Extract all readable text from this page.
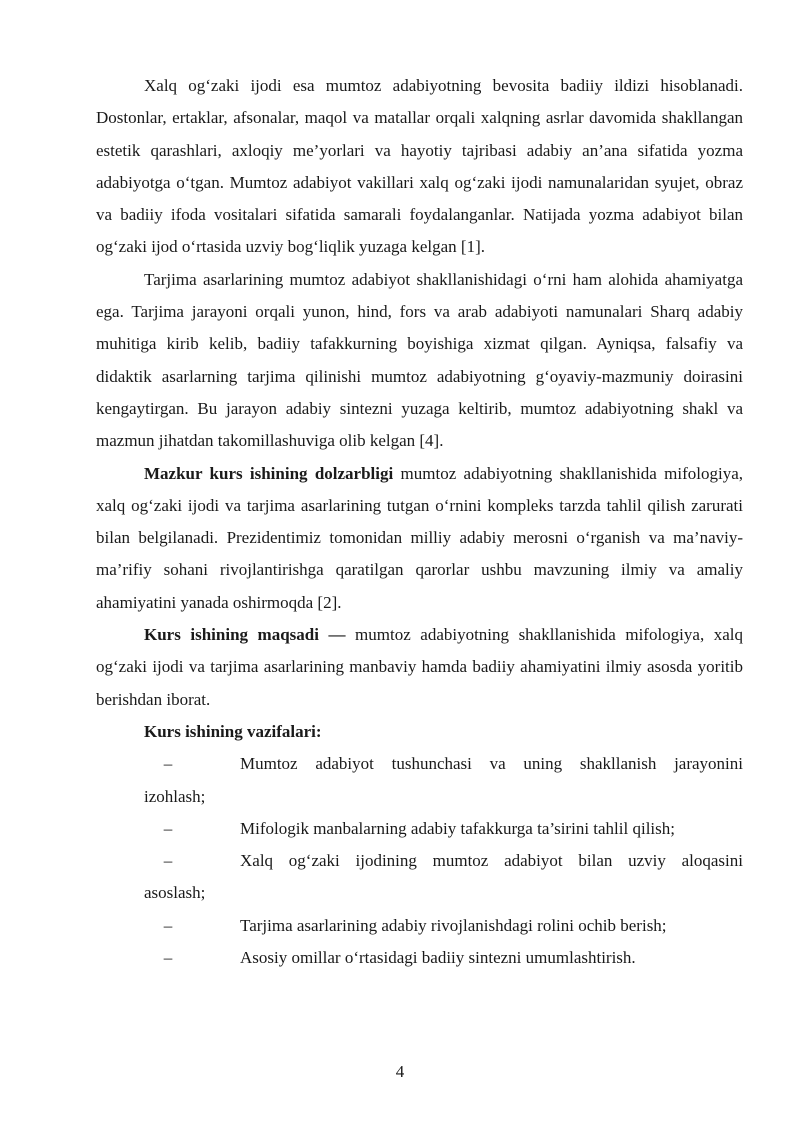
Xalq og‘zaki ijodi esa mumtoz adabiyotning bevosita badiiy ildizi hisoblanadi. Dostonlar, ertaklar, afsonalar, maqol va matallar orqali xalqning asrlar davomida shakllangan estetik qarashlari, axloqiy me’yorlari va hayotiy tajribasi adabiy an’ana sifatida yozma adabiyotga o‘tgan. Mumtoz adabiyot vakillari xalq og‘zaki ijodi namunalaridan syujet, obraz va badiiy ifoda vositalari sifatida samarali foydalanganlar. Natijada yozma adabiyot bilan og‘zaki ijod o‘rtasida uzviy bog‘liqlik yuzaga kelgan [1].

Tarjima asarlarining mumtoz adabiyot shakllanishidagi o‘rni ham alohida ahamiyatga ega. Tarjima jarayoni orqali yunon, hind, fors va arab adabiyoti namunalari Sharq adabiy muhitiga kirib kelib, badiiy tafakkurning boyishiga xizmat qilgan. Ayniqsa, falsafiy va didaktik asarlarning tarjima qilinishi mumtoz adabiyotning g‘oyaviy-mazmuniy doirasini kengaytirgan. Bu jarayon adabiy sintezni yuzaga keltirib, mumtoz adabiyotning shakl va mazmun jihatdan takomillashuviga olib kelgan [4].

Mazkur kurs ishining dolzarbligi mumtoz adabiyotning shakllanishida mifologiya, xalq og‘zaki ijodi va tarjima asarlarining tutgan o‘rnini kompleks tarzda tahlil qilish zarurati bilan belgilanadi. Prezidentimiz tomonidan milliy adabiy merosni o‘rganish va ma’naviy-ma’rifiy sohani rivojlantirishga qaratilgan qarorlar ushbu mavzuning ilmiy va amaliy ahamiyatini yanada oshirmoqda [2].

Kurs ishining maqsadi — mumtoz adabiyotning shakllanishida mifologiya, xalq og‘zaki ijodi va tarjima asarlarining manbaviy hamda badiiy ahamiyatini ilmiy asosda yoritib berishdan iborat.

Kurs ishining vazifalari:

–	Mumtoz adabiyot tushunchasi va uning shakllanish jarayonini
izohlash;
–	Mifologik manbalarning adabiy tafakkurga ta’sirini tahlil qilish;
–	Xalq og‘zaki ijodining mumtoz adabiyot bilan uzviy aloqasini
asoslash;
–	Tarjima asarlarining adabiy rivojlanishdagi rolini ochib berish;
–	Asosiy omillar o‘rtasidagi badiiy sintezni umumlashtirish.
4
